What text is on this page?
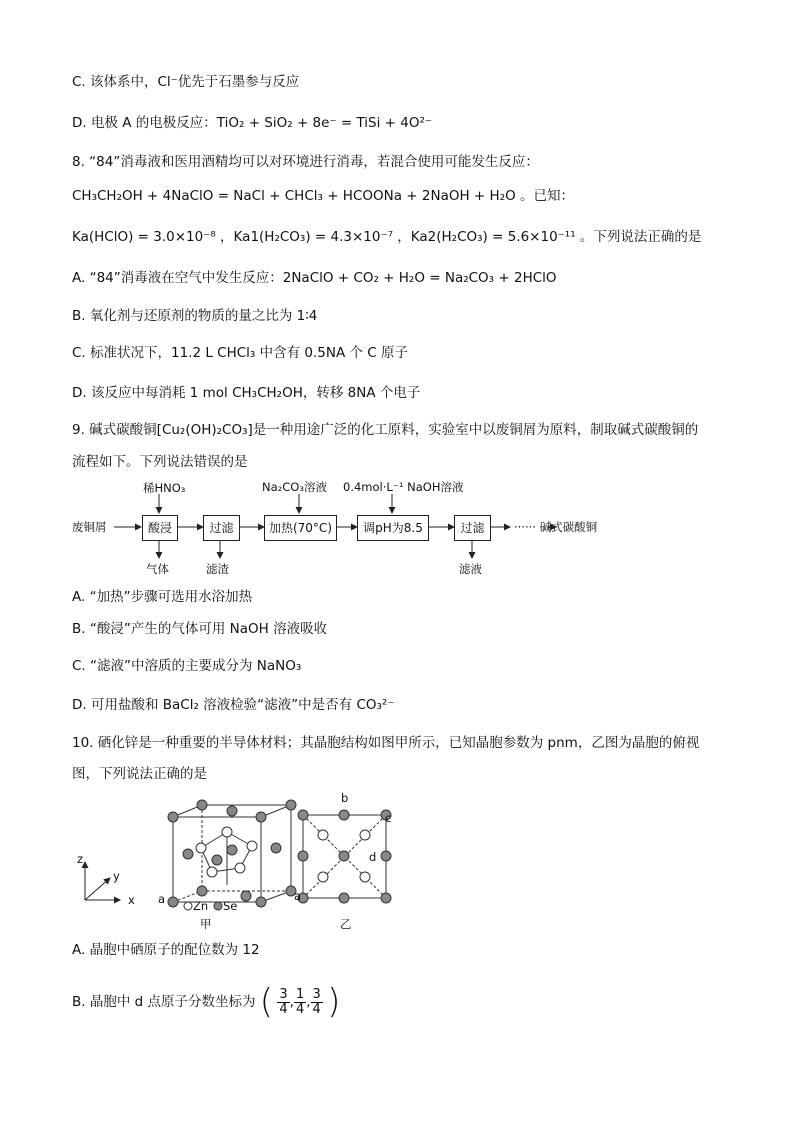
C. 该体系中，Cl⁻优先于石墨参与反应
D. 电极 A 的电极反应：TiO₂ + SiO₂ + 8e⁻ = TiSi + 4O²⁻
8. “84”消毒液和医用酒精均可以对环境进行消毒，若混合使用可能发生反应：
CH₃CH₂OH + 4NaClO = NaCl + CHCl₃ + HCOONa + 2NaOH + H₂O 。已知：
Ka(HClO) = 3.0×10⁻⁸ ，Ka1(H₂CO₃) = 4.3×10⁻⁷ ，Ka2(H₂CO₃) = 5.6×10⁻¹¹ 。下列说法正确的是
A. “84”消毒液在空气中发生反应：2NaClO + CO₂ + H₂O = Na₂CO₃ + 2HClO
B. 氧化剂与还原剂的物质的量之比为 1∶4
C. 标准状况下，11.2 L CHCl₃ 中含有 0.5NA 个 C 原子
D. 该反应中每消耗 1 mol CH₃CH₂OH，转移 8NA 个电子
9. 碱式碳酸铜[Cu₂(OH)₂CO₃]是一种用途广泛的化工原料，实验室中以废铜屑为原料，制取碱式碳酸铜的
流程如下。下列说法错误的是
废铜屑
稀HNO₃
酸浸
气体
过滤
滤渣
Na₂CO₃溶液
加热(70°C)
0.4mol·L⁻¹ NaOH溶液
调pH为8.5	过滤
滤液
······ 碱式碳酸铜
A. “加热”步骤可选用水浴加热
B. “酸浸”产生的气体可用 NaOH 溶液吸收
C. “滤液”中溶质的主要成分为 NaNO₃
D. 可用盐酸和 BaCl₂ 溶液检验“滤液”中是否有 CO₃²⁻
10. 硒化锌是一种重要的半导体材料；其晶胞结构如图甲所示，已知晶胞参数为 pnm，乙图为晶胞的俯视
图，下列说法正确的是
z
y
x a Zn Se
甲
b
c
d
a
乙
A. 晶胞中硒原子的配位数为 12
B. 晶胞中 d 点原子分数坐标为 ( $\frac{3}{4}$ , $\frac{1}{4}$ , $\frac{3}{4}$ )
